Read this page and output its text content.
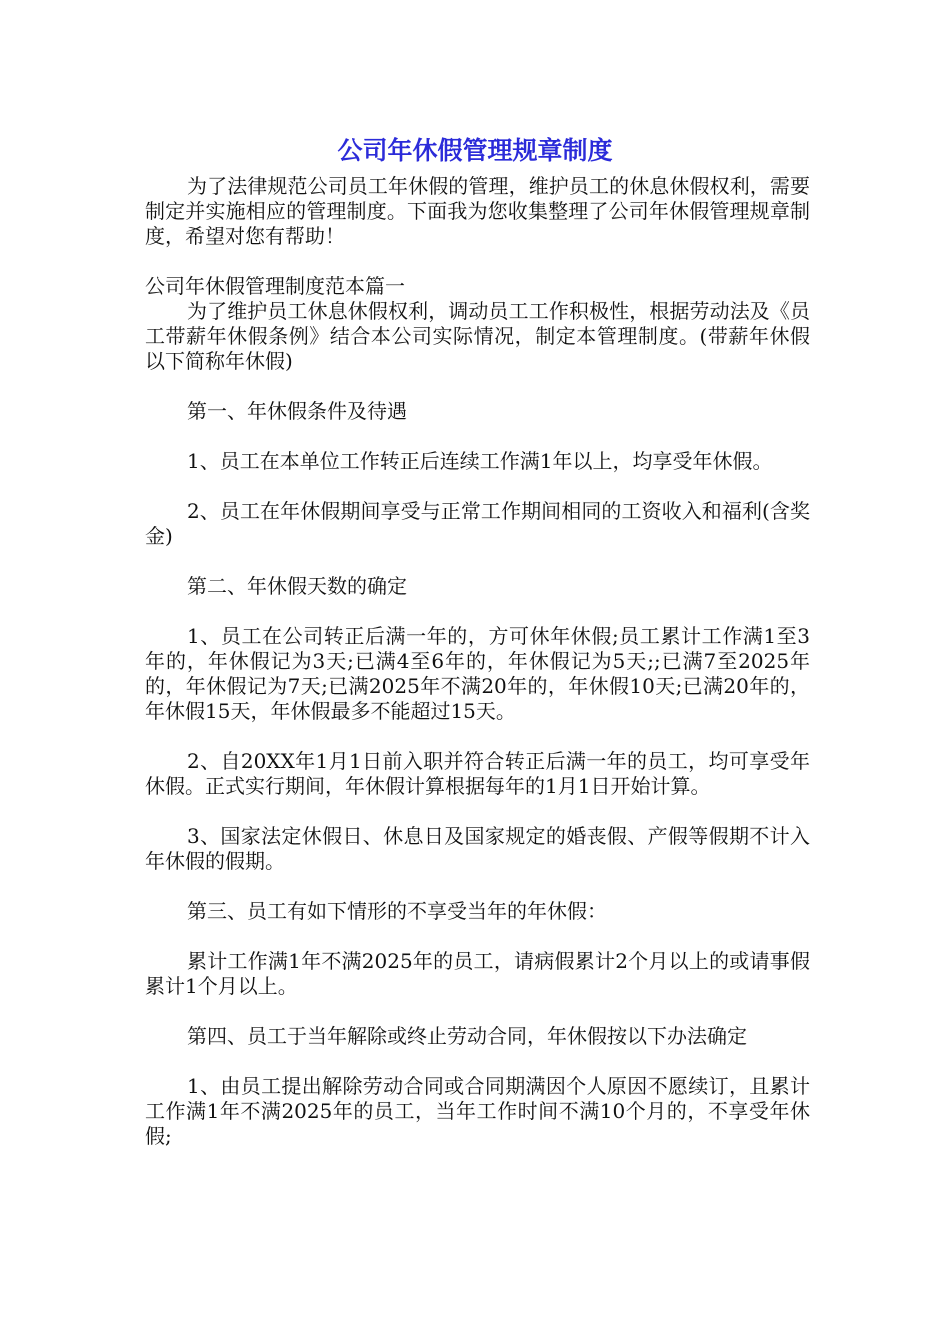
公司年休假管理规章制度

为了法律规范公司员工年休假的管理，维护员工的休息休假权利，需要制定并实施相应的管理制度。下面我为您收集整理了公司年休假管理规章制度，希望对您有帮助！

公司年休假管理制度范本篇一

为了维护员工休息休假权利，调动员工工作积极性，根据劳动法及《员工带薪年休假条例》结合本公司实际情况，制定本管理制度。(带薪年休假以下简称年休假)

第一、年休假条件及待遇

1、员工在本单位工作转正后连续工作满1年以上，均享受年休假。

2、员工在年休假期间享受与正常工作期间相同的工资收入和福利(含奖金)

第二、年休假天数的确定

1、员工在公司转正后满一年的，方可休年休假;员工累计工作满1至3年的，年休假记为3天;已满4至6年的，年休假记为5天;;已满7至2025年的，年休假记为7天;已满2025年不满20年的，年休假10天;已满20年的，年休假15天，年休假最多不能超过15天。

2、自20XX年1月1日前入职并符合转正后满一年的员工，均可享受年休假。正式实行期间，年休假计算根据每年的1月1日开始计算。

3、国家法定休假日、休息日及国家规定的婚丧假、产假等假期不计入年休假的假期。

第三、员工有如下情形的不享受当年的年休假：

累计工作满1年不满2025年的员工，请病假累计2个月以上的或请事假累计1个月以上。

第四、员工于当年解除或终止劳动合同，年休假按以下办法确定

1、由员工提出解除劳动合同或合同期满因个人原因不愿续订，且累计工作满1年不满2025年的员工，当年工作时间不满10个月的，不享受年休假;
